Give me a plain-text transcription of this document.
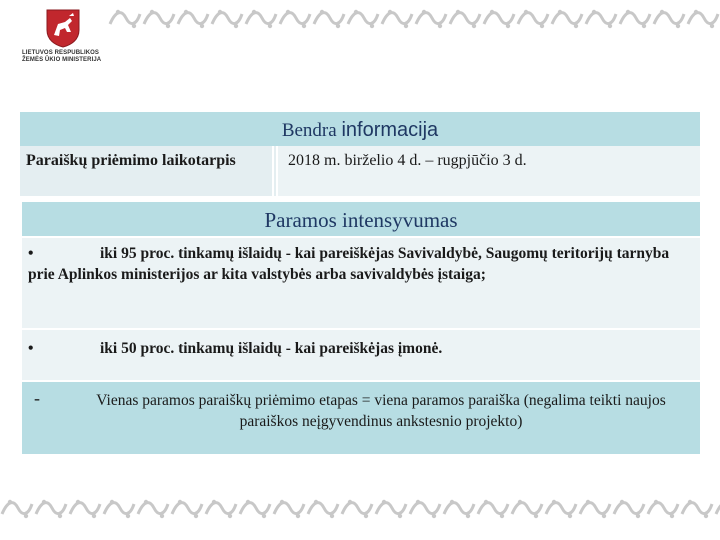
LIETUVOS RESPUBLIKOS
ŽEMĖS ŪKIO MINISTERIJA
Bendra informacija
Paraiškų priėmimo laikotarpis	2018 m. birželio 4 d. – rugpjūčio 3 d.
Paramos intensyvumas
•	iki 95 proc. tinkamų išlaidų - kai pareiškėjas Savivaldybė, Saugomų teritorijų tarnyba prie Aplinkos ministerijos ar kita valstybės arba savivaldybės įstaiga;
•	iki 50 proc. tinkamų išlaidų - kai pareiškėjas įmonė.
-	Vienas paramos paraiškų priėmimo etapas = viena paramos paraiška (negalima teikti naujos paraiškos neįgyvendinus ankstesnio projekto)
